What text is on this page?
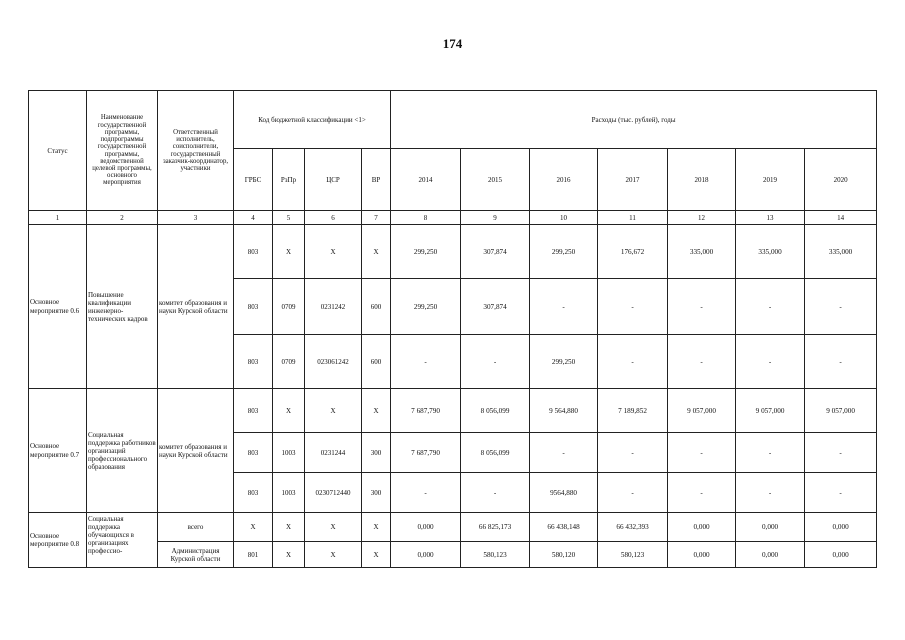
174
Статус	Наименование государственной программы, подпрограммы государственной программы, ведомственной целевой программы, основного мероприятия	Ответственный исполнитель, соисполнители, государственный заказчик-координатор, участники	Код бюджетной классификации <1>				Расходы (тыс. рублей), годы						
			ГРБС	РзПр	ЦСР	ВР	2014	2015	2016	2017	2018	2019	2020
1	2	3	4	5	6	7	8	9	10	11	12	13	14
Основное мероприятие 0.6	Повышение квалификации инженерно-технических кадров	комитет образования и науки Курской области	803	X	X	X	299,250	307,874	299,250	176,672	335,000	335,000	335,000
			803	0709	0231242	600	299,250	307,874	-	-	-	-	-
			803	0709	023061242	600	-	-	299,250	-	-	-	-
Основное мероприятие 0.7	Социальная поддержка работников организаций профессионального образования	комитет образования и науки Курской области	803	X	X	X	7 687,790	8 056,099	9 564,880	7 189,852	9 057,000	9 057,000	9 057,000
			803	1003	0231244	300	7 687,790	8 056,099	-	-	-	-	-
			803	1003	0230712440	300	-	-	9564,880	-	-	-	-
Основное мероприятие 0.8	Социальная поддержка обучающихся в организациях профессио-	всего	X	X	X	X	0,000	66 825,173	66 438,148	66 432,393	0,000	0,000	0,000
		Администрация Курской области	801	X	X	X	0,000	580,123	580,120	580,123	0,000	0,000	0,000
